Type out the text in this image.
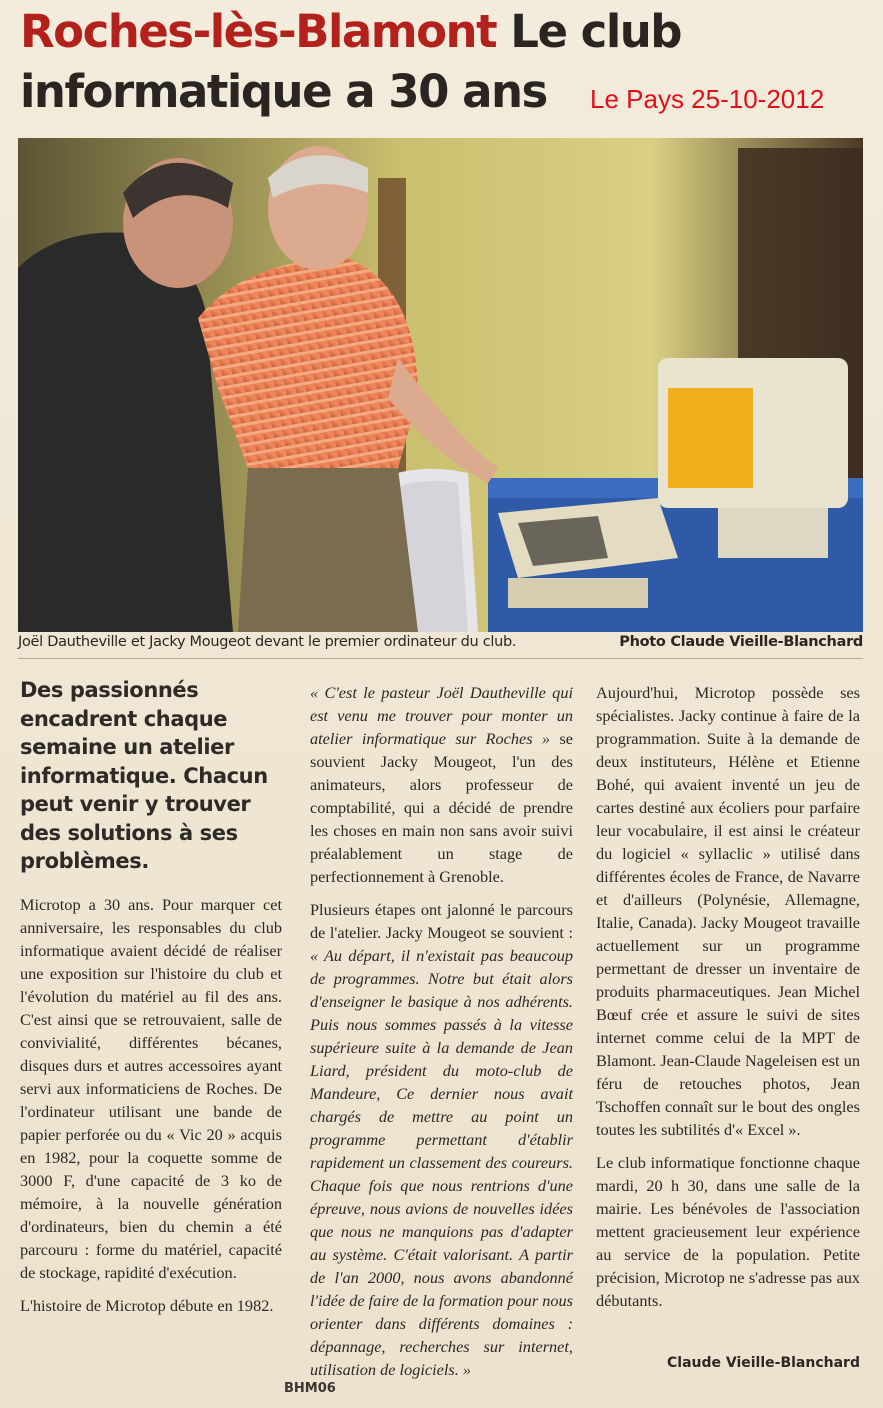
Roches-lès-Blamont Le club
informatique a 30 ans	Le Pays 25-10-2012
Joël Dautheville et Jacky Mougeot devant le premier ordinateur du club.	Photo Claude Vieille-Blanchard
Des passionnés encadrent chaque semaine un atelier informatique. Chacun peut venir y trouver des solutions à ses problèmes.

Microtop a 30 ans. Pour marquer cet anniversaire, les responsables du club informatique avaient décidé de réaliser une exposition sur l'histoire du club et l'évolution du matériel au fil des ans. C'est ainsi que se retrouvaient, salle de convivialité, différentes bécanes, disques durs et autres accessoires ayant servi aux informaticiens de Roches. De l'ordinateur utilisant une bande de papier perforée ou du « Vic 20 » acquis en 1982, pour la coquette somme de 3000 F, d'une capacité de 3 ko de mémoire, à la nouvelle génération d'ordinateurs, bien du chemin a été parcouru : forme du matériel, capacité de stockage, rapidité d'exécution.

L'histoire de Microtop débute en 1982.

« C'est le pasteur Joël Dautheville qui est venu me trouver pour monter un atelier informatique sur Roches » se souvient Jacky Mougeot, l'un des animateurs, alors professeur de comptabilité, qui a décidé de prendre les choses en main non sans avoir suivi préalablement un stage de perfectionnement à Grenoble.

Plusieurs étapes ont jalonné le parcours de l'atelier. Jacky Mougeot se souvient : « Au départ, il n'existait pas beaucoup de programmes. Notre but était alors d'enseigner le basique à nos adhérents. Puis nous sommes passés à la vitesse supérieure suite à la demande de Jean Liard, président du moto-club de Mandeure, Ce dernier nous avait chargés de mettre au point un programme permettant d'établir rapidement un classement des coureurs. Chaque fois que nous rentrions d'une épreuve, nous avions de nouvelles idées que nous ne manquions pas d'adapter au système. C'était valorisant. A partir de l'an 2000, nous avons abandonné l'idée de faire de la formation pour nous orienter dans différents domaines : dépannage, recherches sur internet, utilisation de logiciels. »

Aujourd'hui, Microtop possède ses spécialistes. Jacky continue à faire de la programmation. Suite à la demande de deux instituteurs, Hélène et Etienne Bohé, qui avaient inventé un jeu de cartes destiné aux écoliers pour parfaire leur vocabulaire, il est ainsi le créateur du logiciel « syllaclic » utilisé dans différentes écoles de France, de Navarre et d'ailleurs (Polynésie, Allemagne, Italie, Canada). Jacky Mougeot travaille actuellement sur un programme permettant de dresser un inventaire de produits pharmaceutiques. Jean Michel Bœuf crée et assure le suivi de sites internet comme celui de la MPT de Blamont. Jean-Claude Nageleisen est un féru de retouches photos, Jean Tschoffen connaît sur le bout des ongles toutes les subtilités d'« Excel ».

Le club informatique fonctionne chaque mardi, 20 h 30, dans une salle de la mairie. Les bénévoles de l'association mettent gracieusement leur expérience au service de la population. Petite précision, Microtop ne s'adresse pas aux débutants.

Claude Vieille-Blanchard
BHM06
